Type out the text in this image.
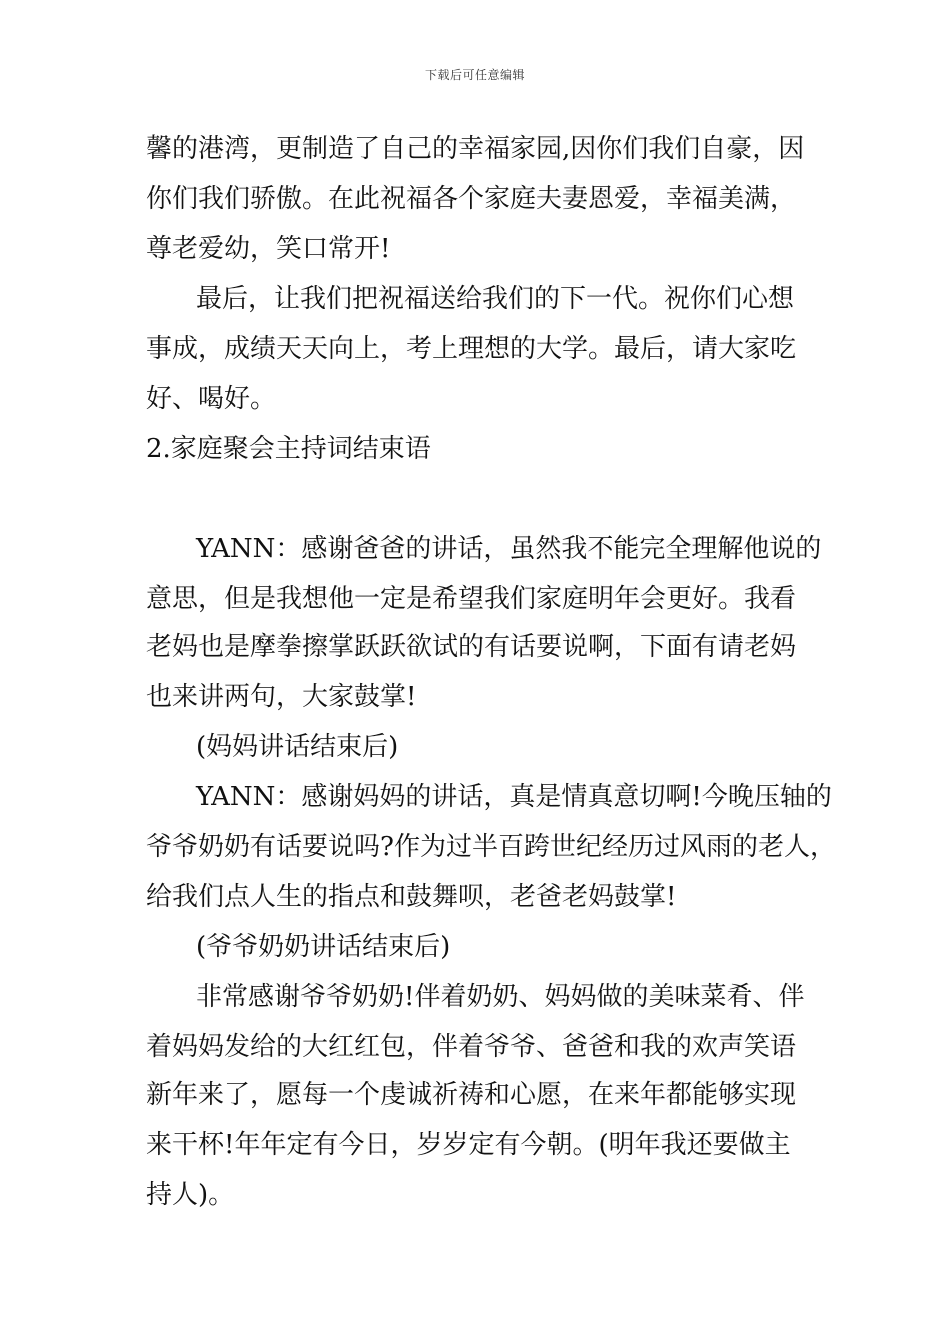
下载后可任意编辑
馨的港湾，更制造了自己的幸福家园,因你们我们自豪，因
你们我们骄傲。在此祝福各个家庭夫妻恩爱，幸福美满，
尊老爱幼，笑口常开!
最后，让我们把祝福送给我们的下一代。祝你们心想
事成，成绩天天向上，考上理想的大学。最后，请大家吃
好、喝好。
2.家庭聚会主持词结束语
YANN：感谢爸爸的讲话，虽然我不能完全理解他说的
意思，但是我想他一定是希望我们家庭明年会更好。我看
老妈也是摩拳擦掌跃跃欲试的有话要说啊，下面有请老妈
也来讲两句，大家鼓掌!
(妈妈讲话结束后)
YANN：感谢妈妈的讲话，真是情真意切啊!今晚压轴的
爷爷奶奶有话要说吗?作为过半百跨世纪经历过风雨的老人，
给我们点人生的指点和鼓舞呗，老爸老妈鼓掌!
(爷爷奶奶讲话结束后)
非常感谢爷爷奶奶!伴着奶奶、妈妈做的美味菜肴、伴
着妈妈发给的大红红包，伴着爷爷、爸爸和我的欢声笑语
新年来了，愿每一个虔诚祈祷和心愿，在来年都能够实现
来干杯!年年定有今日，岁岁定有今朝。(明年我还要做主
持人)。
